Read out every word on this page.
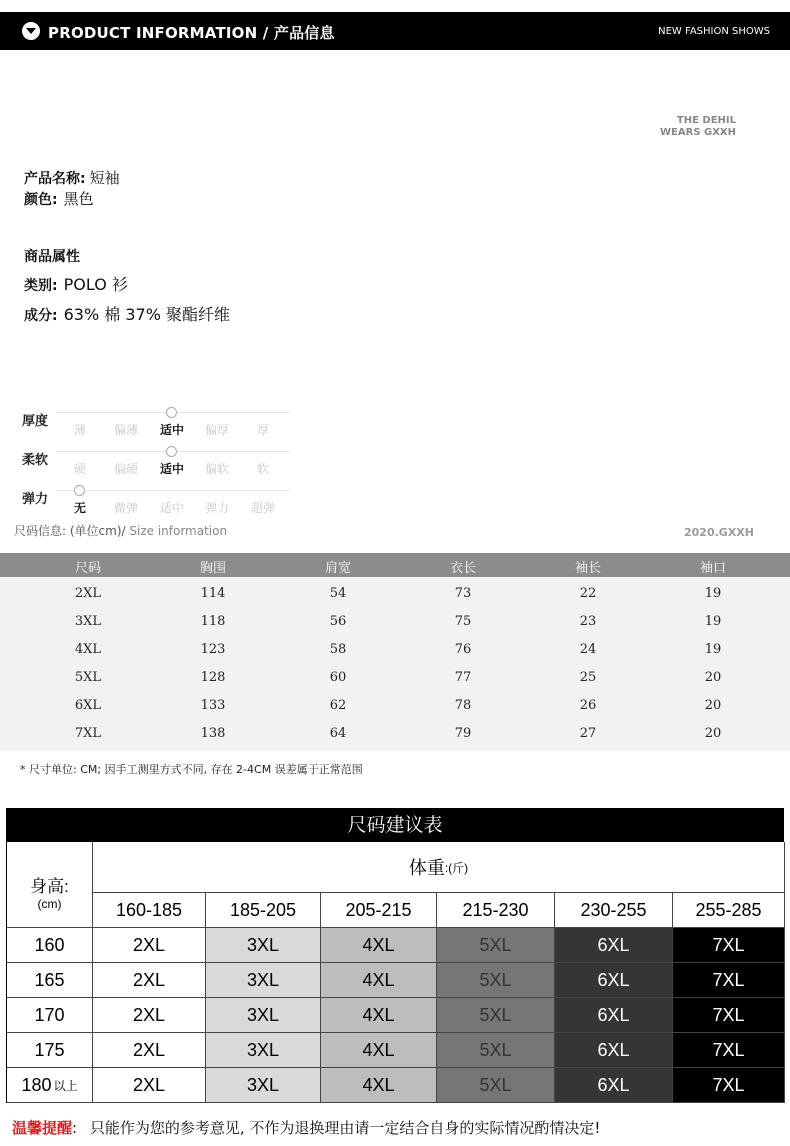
PRODUCT INFORMATION / 产品信息	NEW FASHION SHOWS
THE DEHIL
WEARS GXXH
产品名称: 短袖
颜色: 黑色
商品属性
类别: POLO 衫
成分: 63% 棉 37% 聚酯纤维
厚度
薄	偏薄	适中	偏厚	厚
柔软
硬	偏硬	适中	偏软	软
弹力
无	微弹	适中	弹力	超弹
尺码信息: (单位cm)/ Size information	2020.GXXH
尺码	胸围	肩宽	衣长	袖长	袖口
2XL	114	54	73	22	19
3XL	118	56	75	23	19
4XL	123	58	76	24	19
5XL	128	60	77	25	20
6XL	133	62	78	26	20
7XL	138	64	79	27	20
* 尺寸单位: CM; 因手工测里方式不同, 存在 2-4CM 误差属于正常范围
尺码建议表
身高:
(cm)
体重 :(斤)
160-185	185-205	205-215	215-230	230-255	255-285
160	2XL	3XL	4XL	5XL	6XL	7XL
165	2XL	3XL	4XL	5XL	6XL	7XL
170	2XL	3XL	4XL	5XL	6XL	7XL
175	2XL	3XL	4XL	5XL	6XL	7XL
180 以上	2XL	3XL	4XL	5XL	6XL	7XL
温馨提醒: 只能作为您的参考意见, 不作为退换理由请一定结合自身的实际情况酌情决定!
